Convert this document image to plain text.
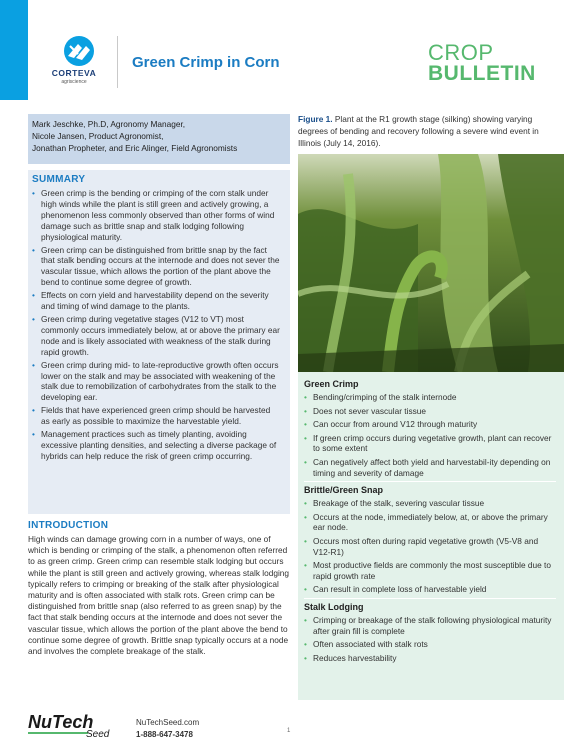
CORTEVA
agriscience
Green Crimp in Corn	CROP
BULLETIN
Mark Jeschke, Ph.D, Agronomy Manager,
Nicole Jansen, Product Agronomist,
Jonathan Propheter, and Eric Alinger, Field Agronomists
SUMMARY
• Green crimp is the bending or crimping of the corn stalk under high winds while the plant is still green and actively growing, a phenomenon less commonly observed than other forms of wind damage such as brittle snap and stalk lodging following physiological maturity.
• Green crimp can be distinguished from brittle snap by the fact that stalk bending occurs at the internode and does not sever the vascular tissue, which allows the portion of the plant above the bend to continue some degree of growth.
• Effects on corn yield and harvestability depend on the severity and timing of wind damage to the plants.
• Green crimp during vegetative stages (V12 to VT) most commonly occurs immediately below, at or above the primary ear node and is likely associated with weakness of the stalk during rapid growth.
• Green crimp during mid- to late-reproductive growth often occurs lower on the stalk and may be associated with weakening of the stalk due to remobilization of carbohydrates from the stalk to the developing ear.
• Fields that have experienced green crimp should be harvested as early as possible to maximize the harvestable yield.
• Management practices such as timely planting, avoiding excessive planting densities, and selecting a diverse package of hybrids can help reduce the risk of green crimp occurring.
INTRODUCTION
High winds can damage growing corn in a number of ways, one of which is bending or crimping of the stalk, a phenomenon often referred to as green crimp. Green crimp can resemble stalk lodging but occurs while the plant is still green and actively growing, whereas stalk lodging typically refers to crimping or breaking of the stalk after physiological maturity and is often associated with stalk rots. Green crimp can be distinguished from brittle snap (also referred to as green snap) by the fact that stalk bending occurs at the internode and does not sever the vascular tissue, which allows the portion of the plant above the bend to continue some degree of growth. Brittle snap typically occurs at a node and involves the complete breakage of the stalk.
Figure 1. Plant at the R1 growth stage (silking) showing varying degrees of bending and recovery following a severe wind event in Illinois (July 14, 2016).
Green Crimp
• Bending/crimping of the stalk internode
• Does not sever vascular tissue
• Can occur from around V12 through maturity
• If green crimp occurs during vegetative growth, plant can recover to some extent
• Can negatively affect both yield and harvestabil-ity depending on timing and severity of damage
Brittle/Green Snap
• Breakage of the stalk, severing vascular tissue
• Occurs at the node, immediately below, at, or above the primary ear node.
• Occurs most often during rapid vegetative growth (V5-V8 and V12-R1)
• Most productive fields are commonly the most susceptible due to rapid growth rate
• Can result in complete loss of harvestable yield
Stalk Lodging
• Crimping or breakage of the stalk following physiological maturity after grain fill is complete
• Often associated with stalk rots
• Reduces harvestability
NuTech
Seed
NuTechSeed.com
1-888-647-3478	1
